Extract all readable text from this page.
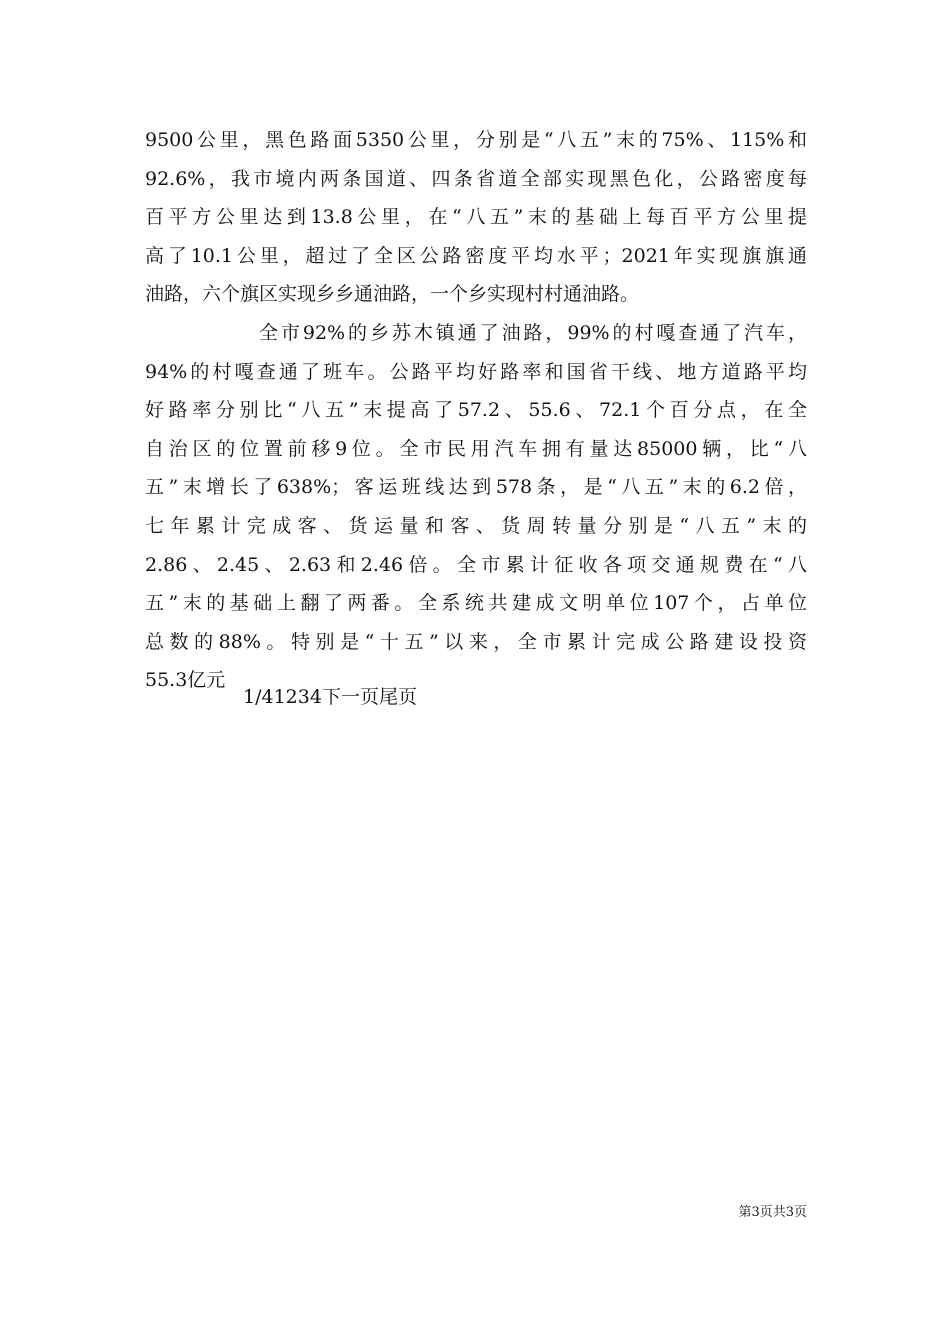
9500公里，黑色路面5350公里，分别是“八五”末的75%、115%和
92.6%，我市境内两条国道、四条省道全部实现黑色化，公路密度每
百平方公里达到13.8公里，在“八五”末的基础上每百平方公里提
高了10.1公里，超过了全区公路密度平均水平；2021年实现旗旗通
油路，六个旗区实现乡乡通油路，一个乡实现村村通油路。
全市92%的乡苏木镇通了油路，99%的村嘎查通了汽车，
94%的村嘎查通了班车。公路平均好路率和国省干线、地方道路平均
好路率分别比“八五”末提高了57.2、55.6、72.1个百分点，在全
自治区的位置前移9位。全市民用汽车拥有量达85000辆，比“八
五”末增长了638%；客运班线达到578条，是“八五”末的6.2倍，
七年累计完成客、货运量和客、货周转量分别是“八五”末的
2.86、2.45、2.63和2.46倍。全市累计征收各项交通规费在“八
五”末的基础上翻了两番。全系统共建成文明单位107个，占单位
总数的88%。特别是“十五”以来，全市累计完成公路建设投资
55.3亿元
1/41234下一页尾页
第3页共3页
